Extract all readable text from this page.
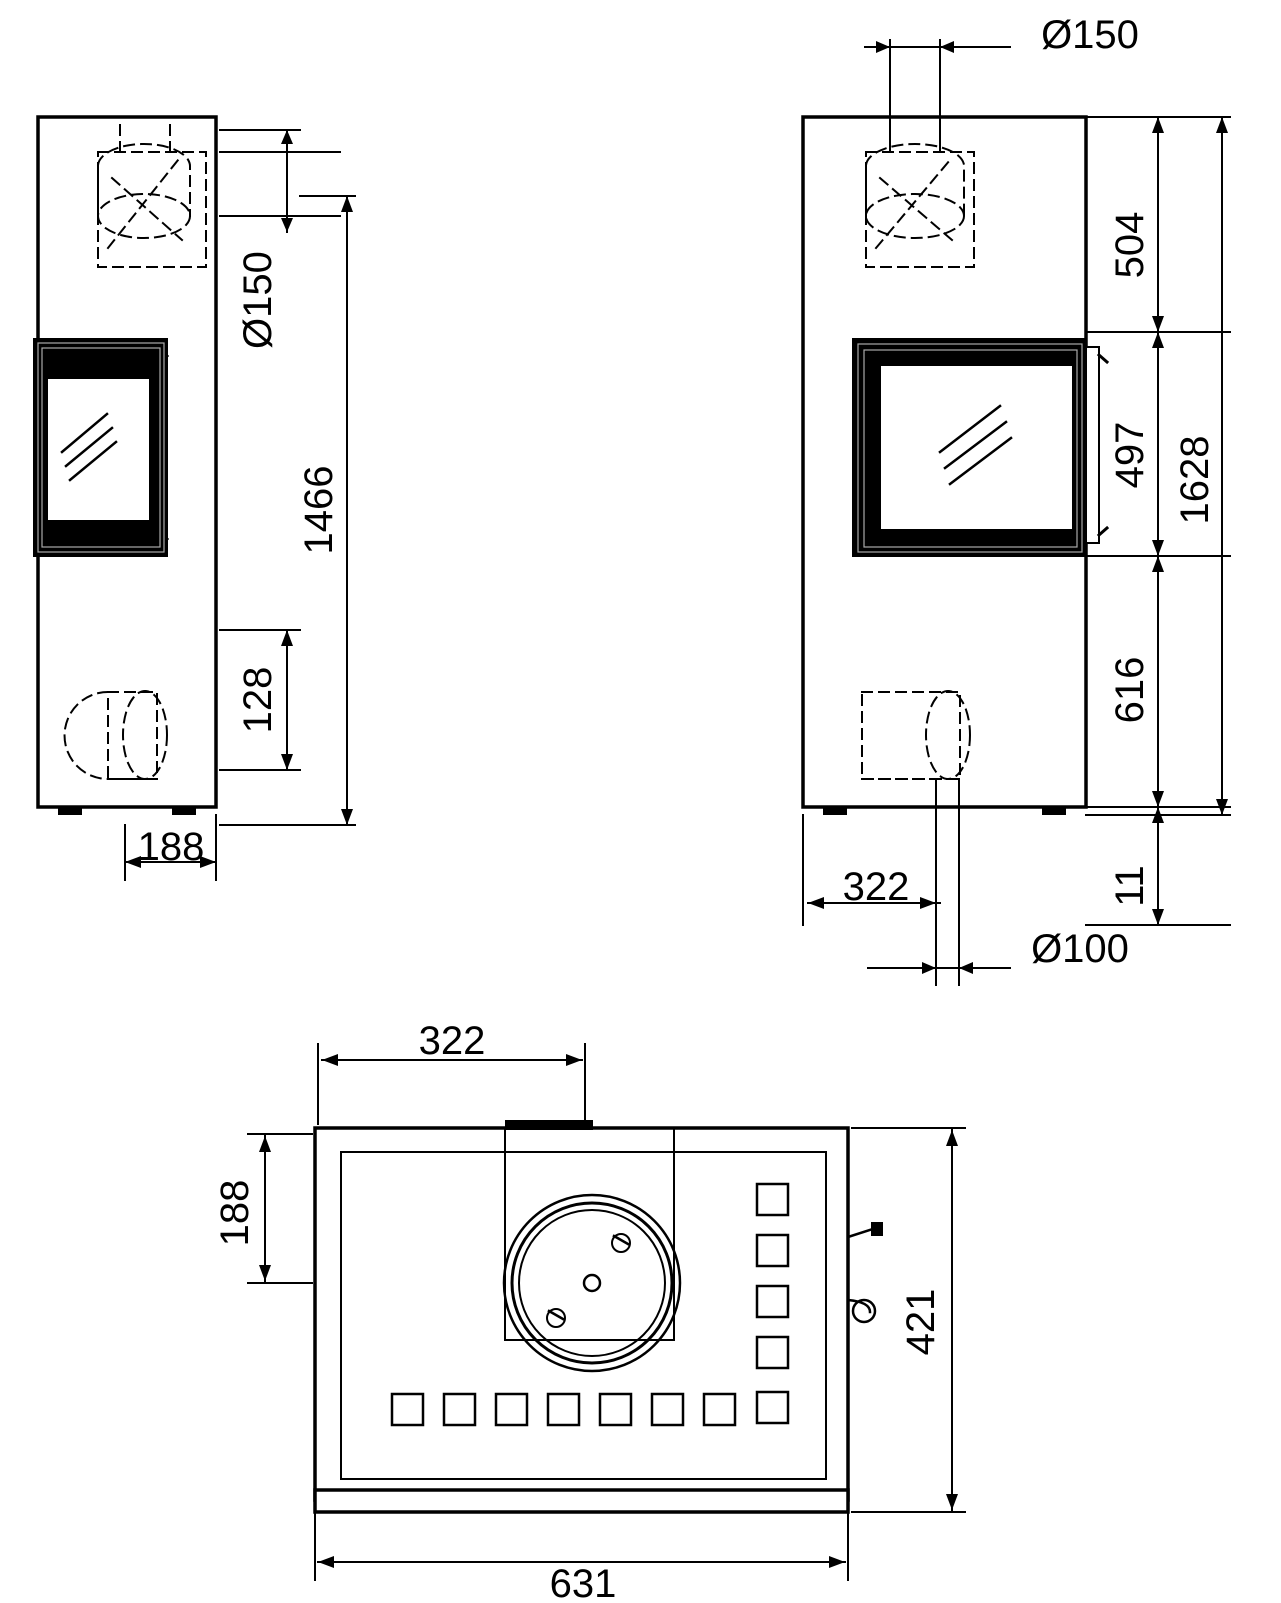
Ø150
1466
128
188
Ø150
504
497
616
1628
11
322
Ø100
322
188
421
631
